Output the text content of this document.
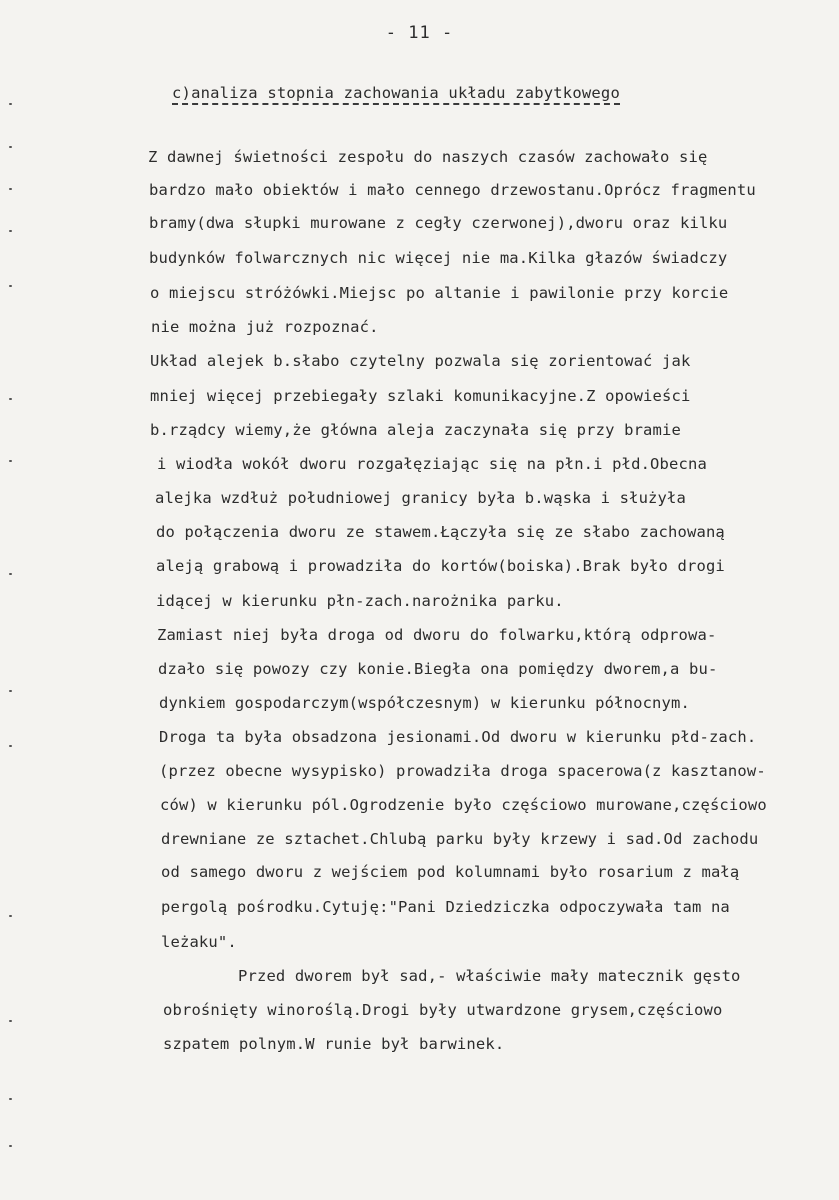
- 11 -
c)analiza stopnia zachowania układu zabytkowego
Z dawnej świetności zespołu do naszych czasów zachowało się
bardzo mało obiektów i mało cennego drzewostanu.Oprócz fragmentu
bramy(dwa słupki murowane z cegły czerwonej),dworu oraz kilku
budynków folwarcznych nic więcej nie ma.Kilka głazów świadczy
o miejscu stróżówki.Miejsc po altanie i pawilonie przy korcie
nie można już rozpoznać.
Układ alejek b.słabo czytelny pozwala się zorientować jak
mniej więcej przebiegały szlaki komunikacyjne.Z opowieści
b.rządcy wiemy,że główna aleja zaczynała się przy bramie
i wiodła wokół dworu rozgałęziając się na płn.i płd.Obecna
alejka wzdłuż południowej granicy była b.wąska i służyła
do połączenia dworu ze stawem.Łączyła się ze słabo zachowaną
aleją grabową i prowadziła do kortów(boiska).Brak było drogi
idącej w kierunku płn-zach.narożnika parku.
Zamiast niej była droga od dworu do folwarku,którą odprowa-
dzało się powozy czy konie.Biegła ona pomiędzy dworem,a bu-
dynkiem gospodarczym(współczesnym) w kierunku północnym.
Droga ta była obsadzona jesionami.Od dworu w kierunku płd-zach.
(przez obecne wysypisko) prowadziła droga spacerowa(z kasztanow-
ców) w kierunku pól.Ogrodzenie było częściowo murowane,częściowo
drewniane ze sztachet.Chlubą parku były krzewy i sad.Od zachodu
od samego dworu z wejściem pod kolumnami było rosarium z małą
pergolą pośrodku.Cytuję:"Pani Dziedziczka odpoczywała tam na
leżaku".
Przed dworem był sad,- właściwie mały matecznik gęsto
obrośnięty winoroślą.Drogi były utwardzone grysem,częściowo
szpatem polnym.W runie był barwinek.
